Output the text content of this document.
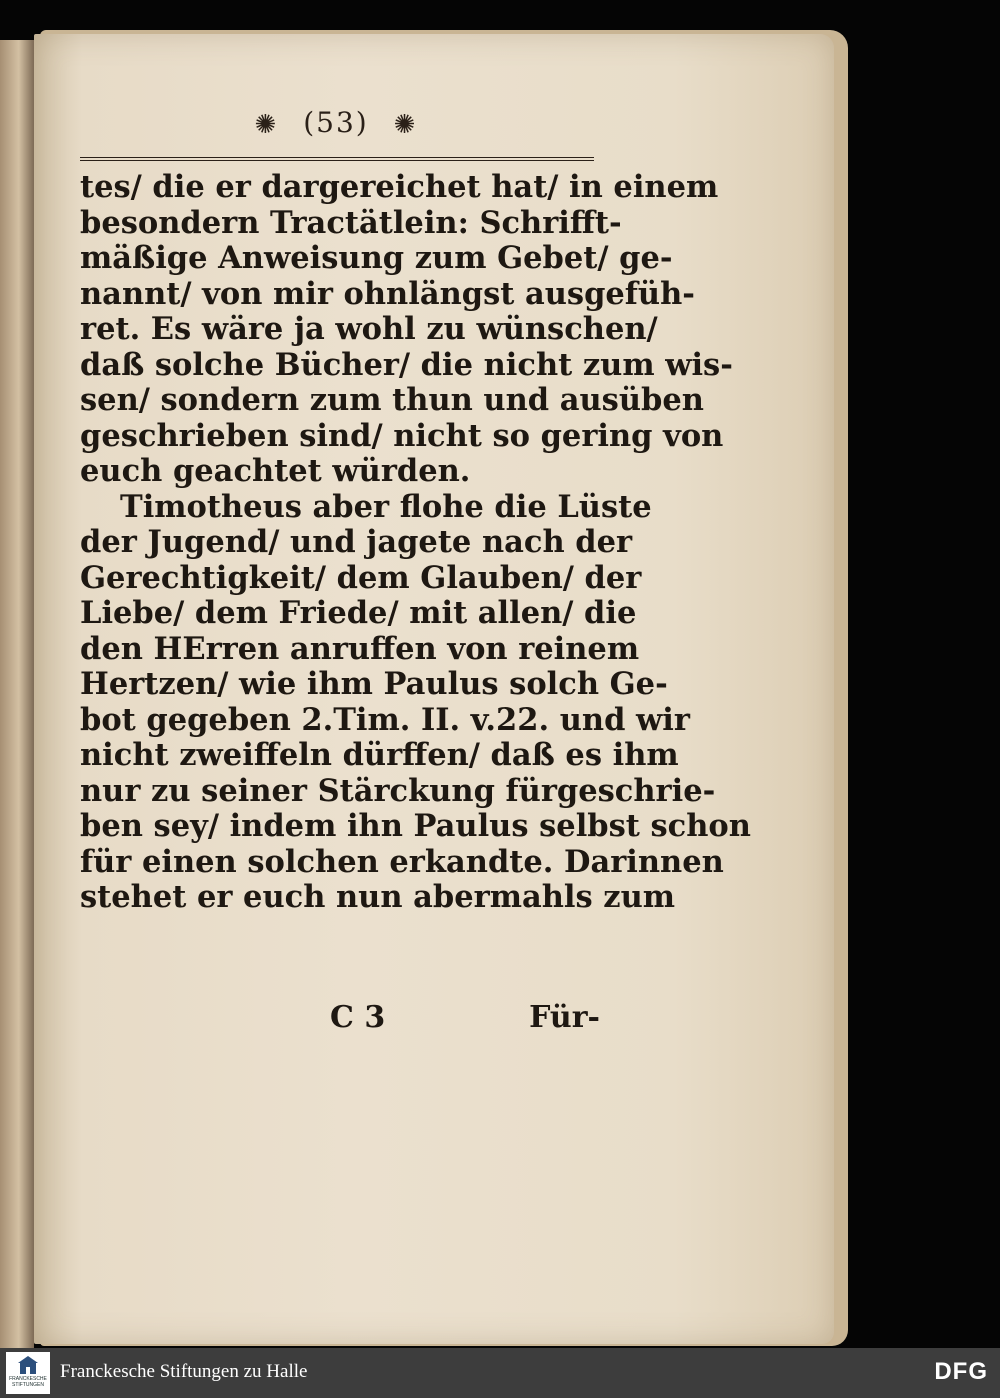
✺ (53) ✺
tes/ die er dargereichet hat/ in einem
besondern Tractätlein: Schrifft-
mäßige Anweisung zum Gebet/ ge-
nannt/ von mir ohnlängst ausgefüh-
ret. Es wäre ja wohl zu wünschen/
daß solche Bücher/ die nicht zum wis-
sen/ sondern zum thun und ausüben
geschrieben sind/ nicht so gering von
euch geachtet würden.
Timotheus aber flohe die Lüste
der Jugend/ und jagete nach der
Gerechtigkeit/ dem Glauben/ der
Liebe/ dem Friede/ mit allen/ die
den HErren anruffen von reinem
Hertzen/ wie ihm Paulus solch Ge-
bot gegeben 2.Tim. II. v.22. und wir
nicht zweiffeln dürffen/ daß es ihm
nur zu seiner Stärckung fürgeschrie-
ben sey/ indem ihn Paulus selbst schon
für einen solchen erkandte. Darinnen
stehet er euch nun abermahls zum
C 3	Für-
FRANCKESCHE STIFTUNGEN
Franckesche Stiftungen zu Halle	DFG
